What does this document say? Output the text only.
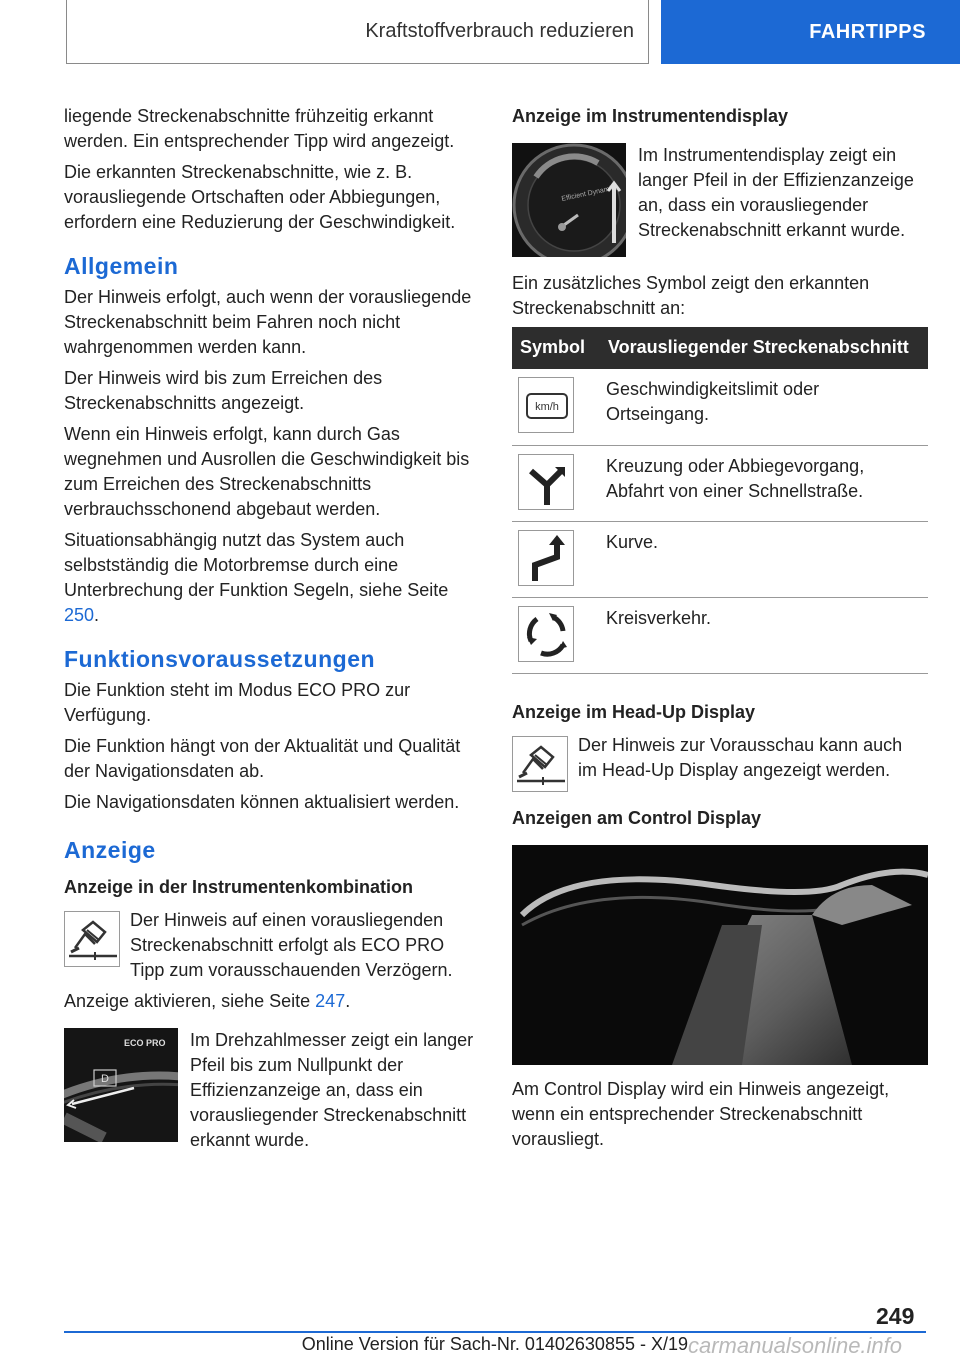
Kraftstoffverbrauch reduzieren	FAHRTIPPS

liegende Streckenabschnitte frühzeitig erkannt werden. Ein entsprechender Tipp wird angezeigt.

Die erkannten Streckenabschnitte, wie z. B. vorausliegende Ortschaften oder Abbiegungen, erfordern eine Reduzierung der Geschwindigkeit.

Allgemein

Der Hinweis erfolgt, auch wenn der vorausliegende Streckenabschnitt beim Fahren noch nicht wahrgenommen werden kann.

Der Hinweis wird bis zum Erreichen des Streckenabschnitts angezeigt.

Wenn ein Hinweis erfolgt, kann durch Gas wegnehmen und Ausrollen die Geschwindigkeit bis zum Erreichen des Streckenabschnitts verbrauchsschonend abgebaut werden.

Situationsabhängig nutzt das System auch selbstständig die Motorbremse durch eine Unterbrechung der Funktion Segeln, siehe Seite 250.

Funktionsvoraussetzungen

Die Funktion steht im Modus ECO PRO zur Verfügung.

Die Funktion hängt von der Aktualität und Qualität der Navigationsdaten ab.

Die Navigationsdaten können aktualisiert werden.

Anzeige
Anzeige in der Instrumentenkombination
Der Hinweis auf einen vorausliegenden Streckenabschnitt erfolgt als ECO PRO Tipp zum vorausschauenden Verzögern.

Anzeige aktivieren, siehe Seite 247.

D
ECO PRO Im Drehzahlmesser zeigt ein langer Pfeil bis zum Nullpunkt der Effizienzanzeige an, dass ein vorausliegender Streckenabschnitt erkannt wurde.
Anzeige im Instrumentendisplay
Efficient Dynamics
Im Instrumentendisplay zeigt ein langer Pfeil in der Effizienzanzeige an, dass ein vorausliegender Streckenabschnitt erkannt wurde.

Ein zusätzliches Symbol zeigt den erkannten Streckenabschnitt an:

Symbol	Vorausliegender Streckenabschnitt

km/h	Geschwindigkeitslimit oder Ortseingang.

	Kreuzung oder Abbiegevorgang, Abfahrt von einer Schnellstraße.

	Kurve.

	Kreisverkehr.
Anzeige im Head-Up Display
Der Hinweis zur Vorausschau kann auch im Head-Up Display angezeigt werden.
Anzeigen am Control Display

Am Control Display wird ein Hinweis angezeigt, wenn ein entsprechender Streckenabschnitt vorausliegt.

249
Online Version für Sach-Nr. 01402630855 - X/19 carmanualsonline.info
